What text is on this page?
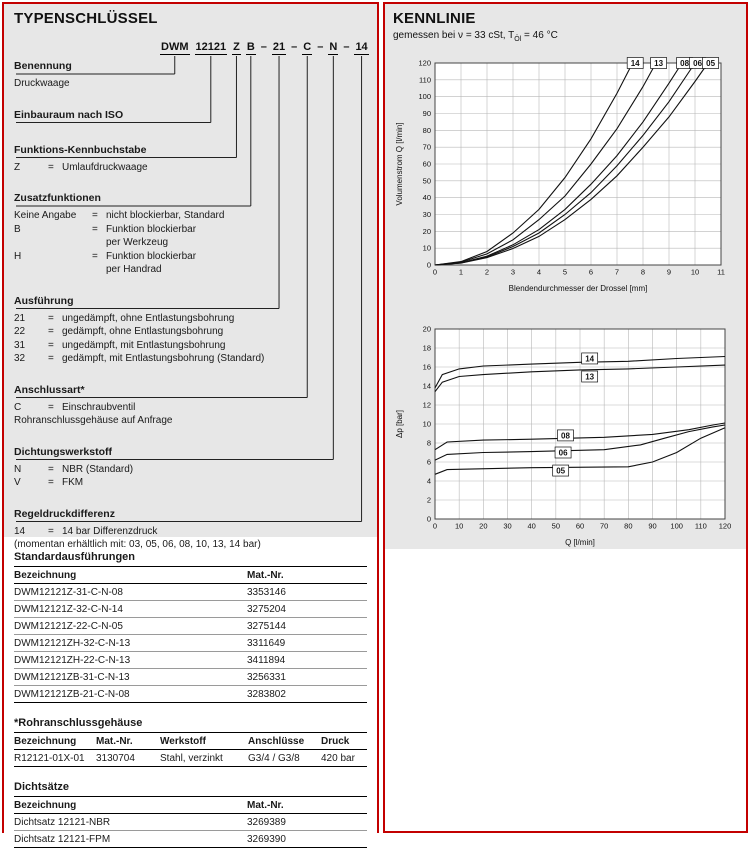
TYPENSCHLÜSSEL
DWM 12121 Z B – 21 – C – N – 14
Benennung
Druckwaage
Einbauraum nach ISO
Funktions-Kennbuchstabe
Z	= Umlaufdruckwaage
Zusatzfunktionen
Keine Angabe = nicht blockierbar, Standard
B	= Funktion blockierbar
per Werkzeug
H	= Funktion blockierbar
per Handrad
Ausführung
21 = ungedämpft, ohne Entlastungsbohrung
22 = gedämpft, ohne Entlastungsbohrung
31 = ungedämpft, mit Entlastungsbohrung
32 = gedämpft, mit Entlastungsbohrung (Standard)
Anschlussart*
C	= Einschraubventil
Rohranschlussgehäuse auf Anfrage
Dichtungswerkstoff
N	= NBR (Standard)
V	= FKM
Regeldruckdifferenz
14 = 14 bar Differenzdruck
(momentan erhältlich mit: 03, 05, 06, 08, 10, 13, 14 bar)
Standardausführungen
Bezeichnung	Mat.-Nr.
DWM12121Z-31-C-N-08	3353146
DWM12121Z-32-C-N-14	3275204
DWM12121Z-22-C-N-05	3275144
DWM12121ZH-32-C-N-13	3311649
DWM12121ZH-22-C-N-13	3411894
DWM12121ZB-31-C-N-13	3256331
DWM12121ZB-21-C-N-08	3283802
*Rohranschlussgehäuse
Bezeichnung	Mat.-Nr.	Werkstoff	Anschlüsse	Druck
R12121-01X-01	3130704	Stahl, verzinkt	G3/4 / G3/8	420 bar
Dichtsätze
Bezeichnung	Mat.-Nr.
Dichtsatz 12121-NBR	3269389
Dichtsatz 12121-FPM	3269390
KENNLINIE
gemessen bei ν = 33 cSt, $T_{Öl} = 46$ °C
0	1	2	3	4	5	6	7	8	9	10 11
0
10
20
30
40
50
60
70
80
90
100
110
120	14 13 08 06 05
Blendendurchmesser der Drossel [mm]
Volumenstrom Q [l/min]
0 10 20 30 40 50 60 70 80 90 100 110 120
0
2
4
6
8
10
12
14
16
18
20
14
13
08
06
05
Q [l/min]
Δp [bar]
